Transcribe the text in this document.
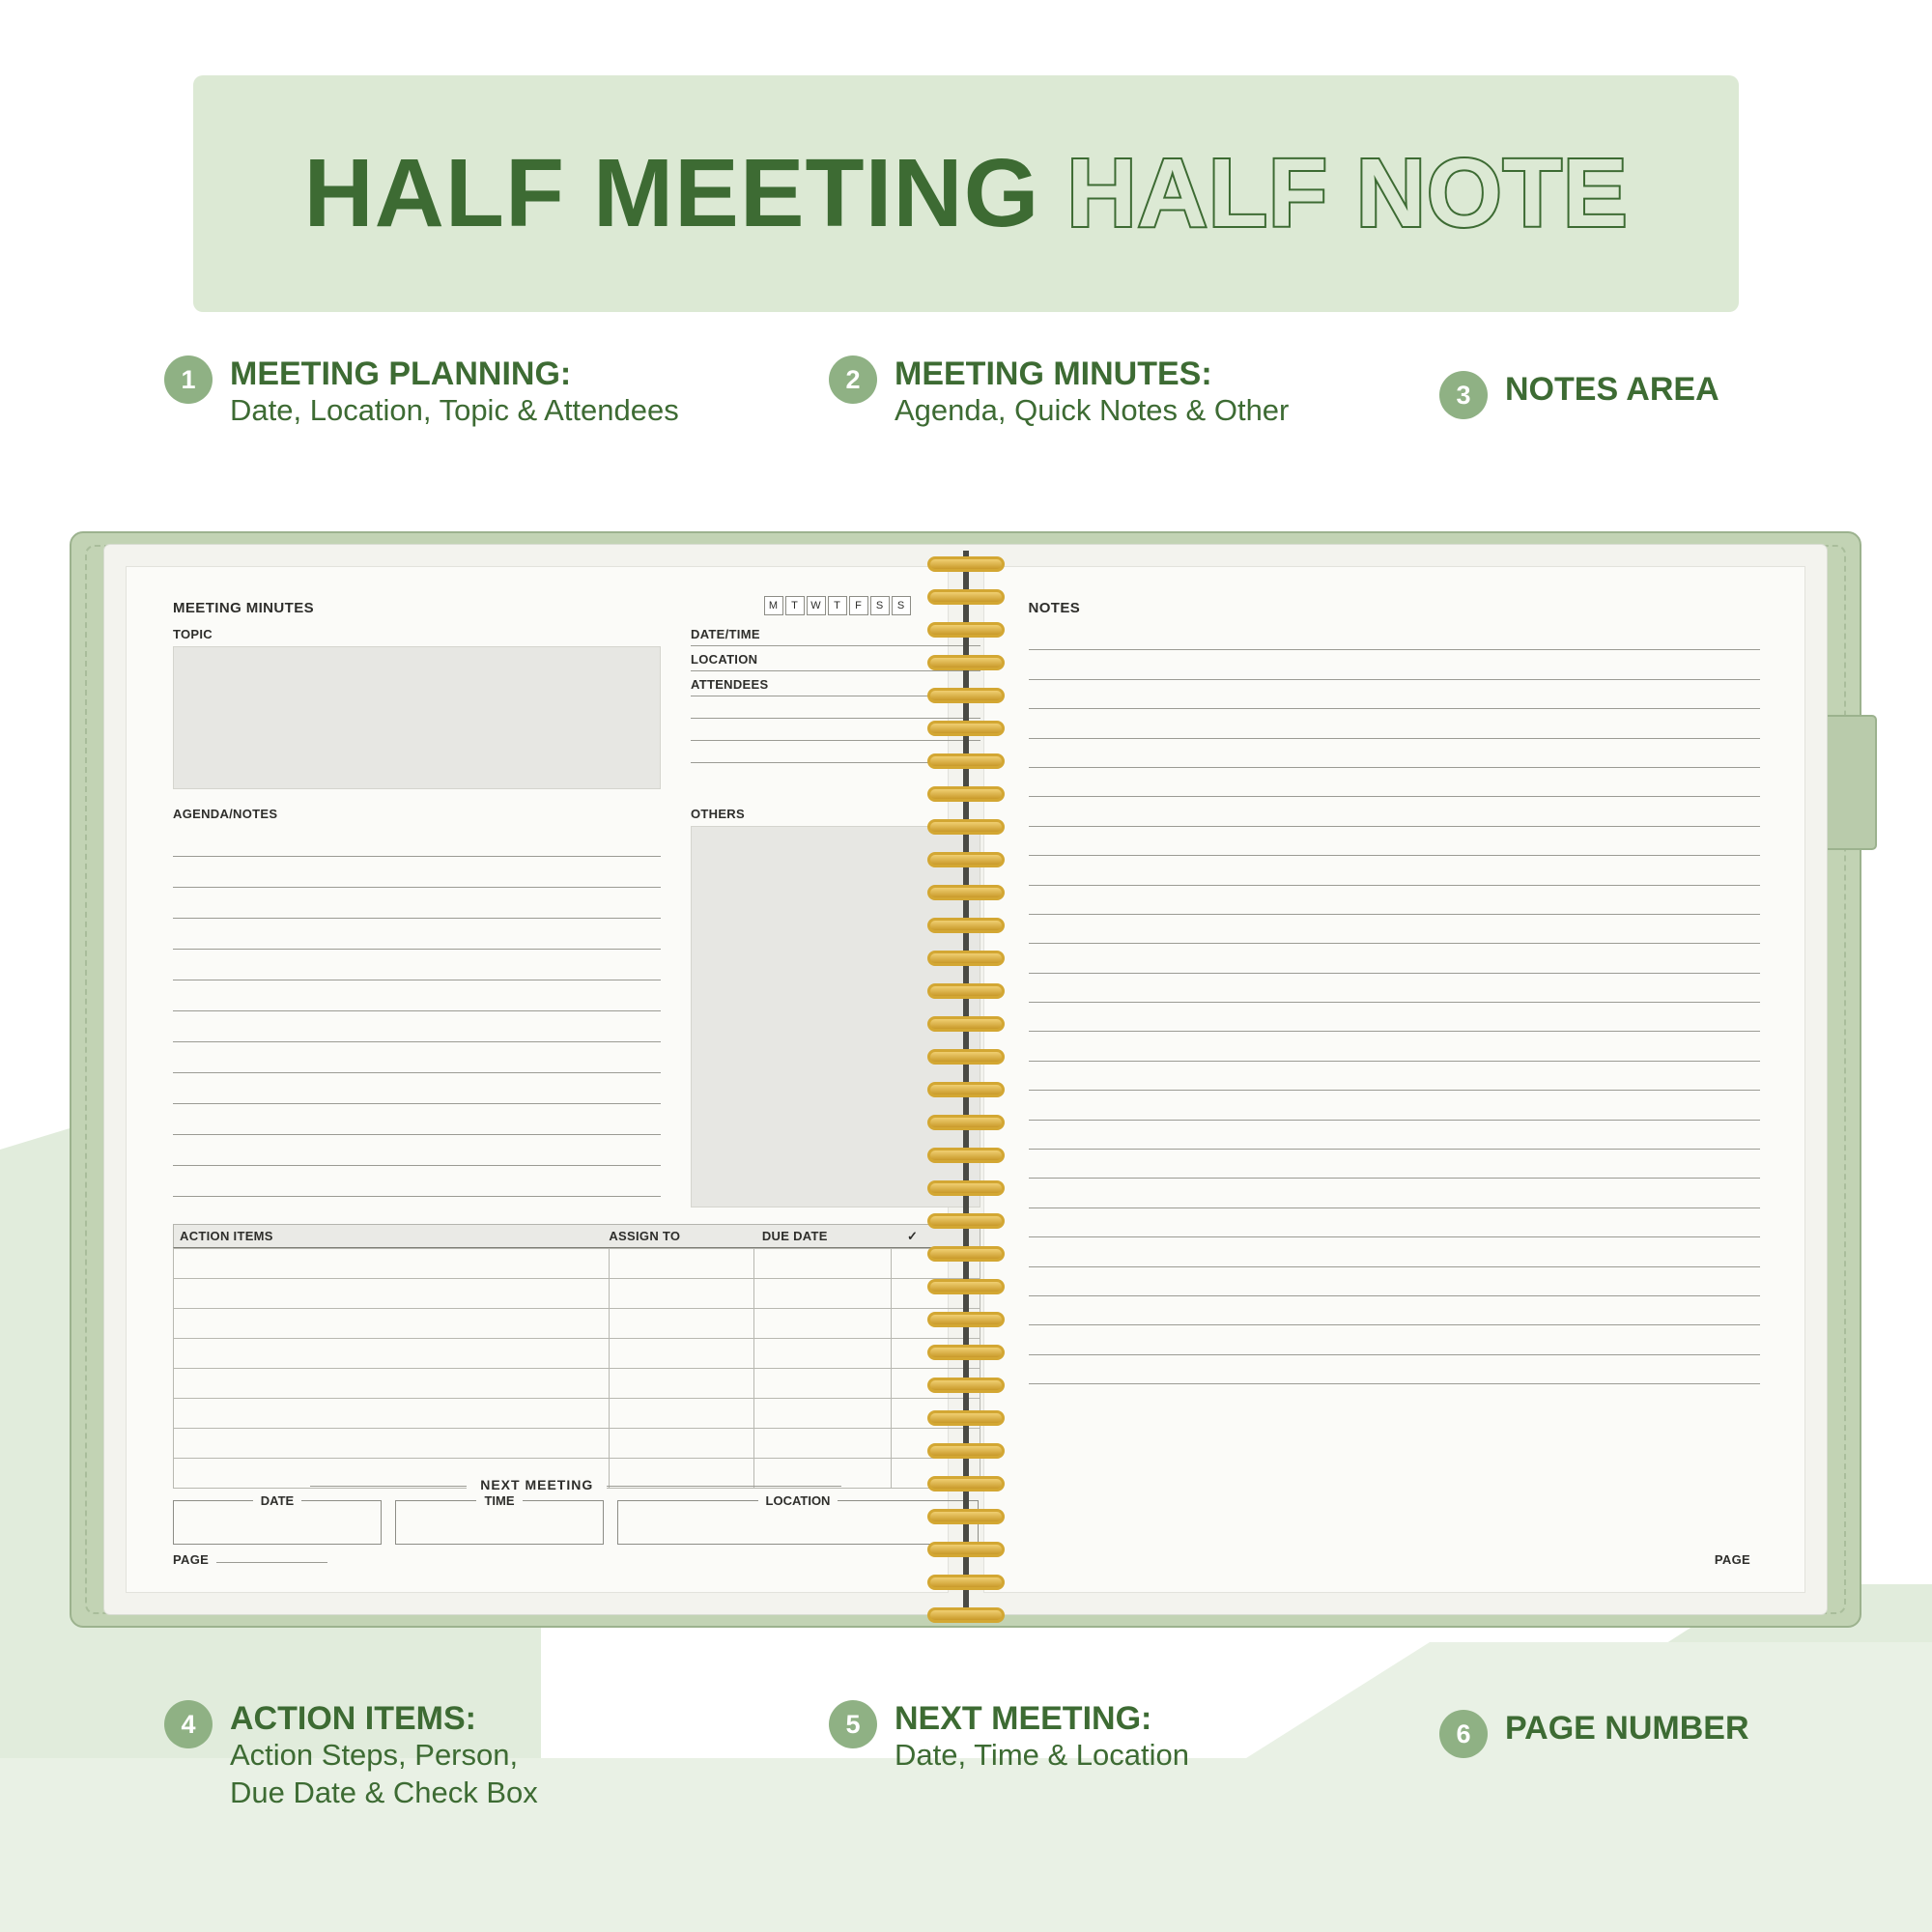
HALF MEETING HALF NOTE
1	MEETING PLANNING:
Date, Location, Topic & Attendees
2	MEETING MINUTES:
Agenda, Quick Notes & Other	3	NOTES AREA
MEETING MINUTES	M	T	W	T	F	S	S
TOPIC	DATE/TIME
LOCATION
ATTENDEES
AGENDA/NOTES	OTHERS
ACTION ITEMS	ASSIGN TO	DUE DATE	✓

NEXT MEETING
DATE	TIME	LOCATION
PAGE
NOTES
PAGE
4	ACTION ITEMS:
Action Steps, Person,
Due Date & Check Box
5	NEXT MEETING:
Date, Time & Location
6	PAGE NUMBER
